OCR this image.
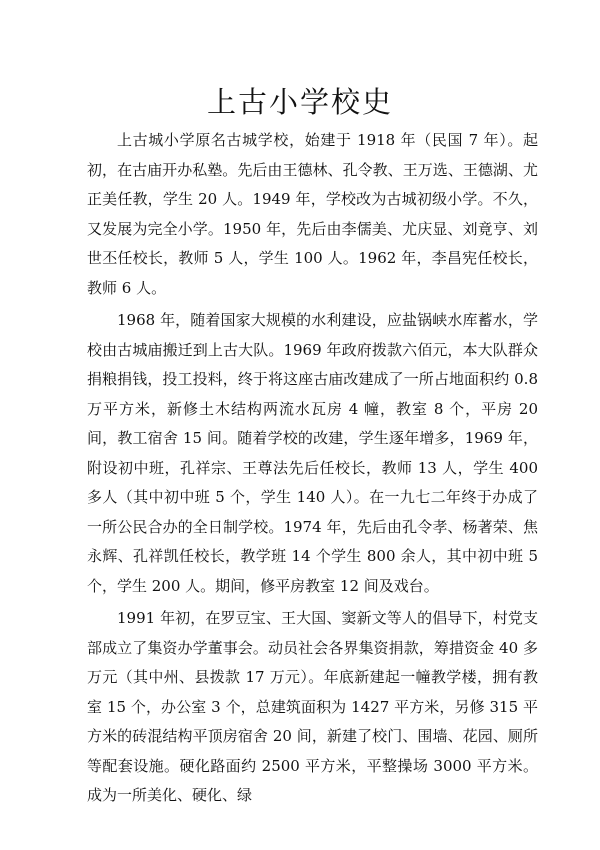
上古小学校史

上古城小学原名古城学校，始建于 1918 年（民国 7 年）。起初，在古庙开办私塾。先后由王德林、孔令教、王万选、王德湖、尤正美任教，学生 20 人。1949 年，学校改为古城初级小学。不久，又发展为完全小学。1950 年，先后由李儒美、尤庆显、刘竟亨、刘世丕任校长，教师 5 人，学生 100 人。1962 年，李昌宪任校长，教师 6 人。

1968 年，随着国家大规模的水利建设，应盐锅峡水库蓄水，学校由古城庙搬迁到上古大队。1969 年政府拨款六佰元，本大队群众捐粮捐钱，投工投料，终于将这座古庙改建成了一所占地面积约 0.8 万平方米，新修土木结构两流水瓦房 4 幢，教室 8 个，平房 20 间，教工宿舍 15 间。随着学校的改建，学生逐年增多，1969 年，附设初中班，孔祥宗、王尊法先后任校长，教师 13 人，学生 400 多人（其中初中班 5 个，学生 140 人）。在一九七二年终于办成了一所公民合办的全日制学校。1974 年，先后由孔令孝、杨著荣、焦永辉、孔祥凯任校长，教学班 14 个学生 800 余人，其中初中班 5 个，学生 200 人。期间，修平房教室 12 间及戏台。

1991 年初，在罗豆宝、王大国、窦新文等人的倡导下，村党支部成立了集资办学董事会。动员社会各界集资捐款，筹措资金 40 多万元（其中州、县拨款 17 万元）。年底新建起一幢教学楼，拥有教室 15 个，办公室 3 个，总建筑面积为 1427 平方米，另修 315 平方米的砖混结构平顶房宿舍 20 间，新建了校门、围墙、花园、厕所等配套设施。硬化路面约 2500 平方米，平整操场 3000 平方米。成为一所美化、硬化、绿
